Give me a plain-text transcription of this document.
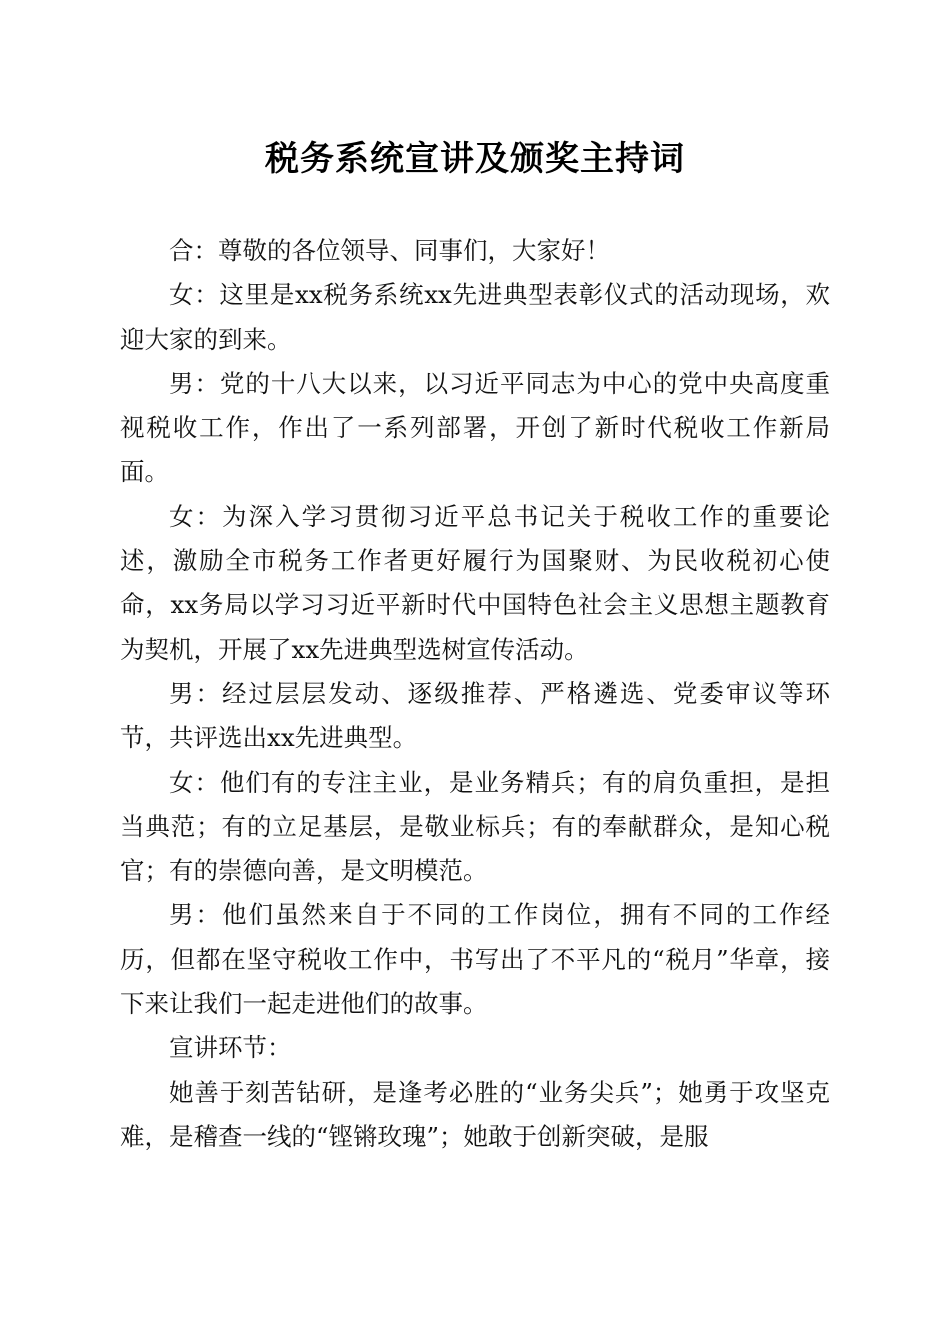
税务系统宣讲及颁奖主持词

合：尊敬的各位领导、同事们，大家好！

女：这里是xx税务系统xx先进典型表彰仪式的活动现场，欢迎大家的到来。

男：党的十八大以来，以习近平同志为中心的党中央高度重视税收工作，作出了一系列部署，开创了新时代税收工作新局面。

女：为深入学习贯彻习近平总书记关于税收工作的重要论述，激励全市税务工作者更好履行为国聚财、为民收税初心使命，xx务局以学习习近平新时代中国特色社会主义思想主题教育为契机，开展了xx先进典型选树宣传活动。

男：经过层层发动、逐级推荐、严格遴选、党委审议等环节，共评选出xx先进典型。

女：他们有的专注主业，是业务精兵；有的肩负重担，是担当典范；有的立足基层，是敬业标兵；有的奉献群众，是知心税官；有的崇德向善，是文明模范。

男：他们虽然来自于不同的工作岗位，拥有不同的工作经历，但都在坚守税收工作中，书写出了不平凡的“税月”华章，接下来让我们一起走进他们的故事。

宣讲环节：

她善于刻苦钻研，是逢考必胜的“业务尖兵”；她勇于攻坚克难，是稽查一线的“铿锵玫瑰”；她敢于创新突破，是服
